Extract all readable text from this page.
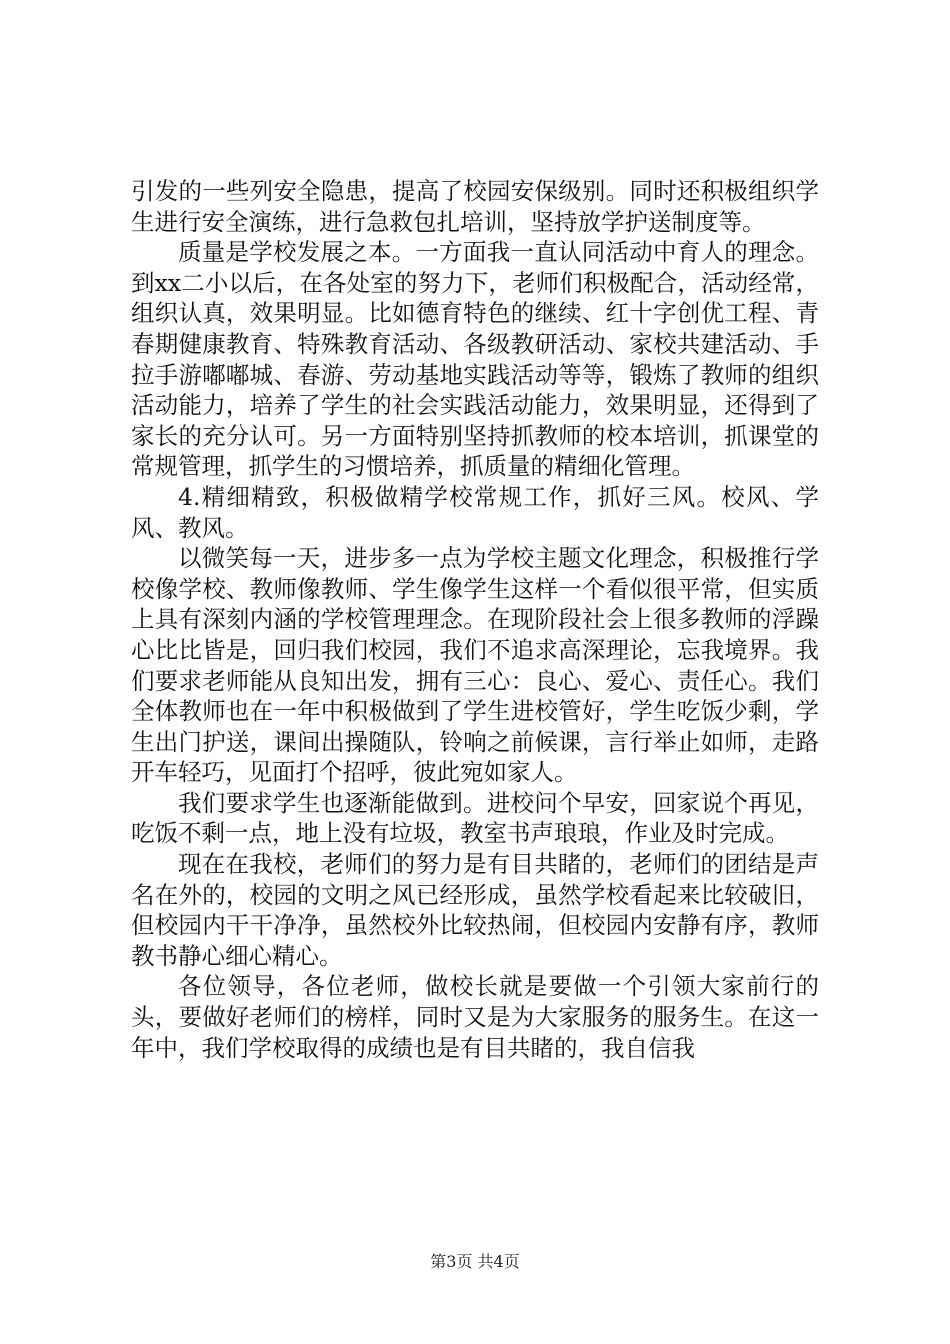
引发的一些列安全隐患，提高了校园安保级别。同时还积极组织学生进行安全演练，进行急救包扎培训，坚持放学护送制度等。

质量是学校发展之本。一方面我一直认同活动中育人的理念。到xx二小以后，在各处室的努力下，老师们积极配合，活动经常，组织认真，效果明显。比如德育特色的继续、红十字创优工程、青春期健康教育、特殊教育活动、各级教研活动、家校共建活动、手拉手游嘟嘟城、春游、劳动基地实践活动等等，锻炼了教师的组织活动能力，培养了学生的社会实践活动能力，效果明显，还得到了家长的充分认可。另一方面特别坚持抓教师的校本培训，抓课堂的常规管理，抓学生的习惯培养，抓质量的精细化管理。

4.精细精致，积极做精学校常规工作，抓好三风。校风、学风、教风。

以微笑每一天，进步多一点为学校主题文化理念，积极推行学校像学校、教师像教师、学生像学生这样一个看似很平常，但实质上具有深刻内涵的学校管理理念。在现阶段社会上很多教师的浮躁心比比皆是，回归我们校园，我们不追求高深理论，忘我境界。我们要求老师能从良知出发，拥有三心：良心、爱心、责任心。我们全体教师也在一年中积极做到了学生进校管好，学生吃饭少剩，学生出门护送，课间出操随队，铃响之前候课，言行举止如师，走路开车轻巧，见面打个招呼，彼此宛如家人。

我们要求学生也逐渐能做到。进校问个早安，回家说个再见，吃饭不剩一点，地上没有垃圾，教室书声琅琅，作业及时完成。

现在在我校，老师们的努力是有目共睹的，老师们的团结是声名在外的，校园的文明之风已经形成，虽然学校看起来比较破旧，但校园内干干净净，虽然校外比较热闹，但校园内安静有序，教师教书静心细心精心。

各位领导，各位老师，做校长就是要做一个引领大家前行的头，要做好老师们的榜样，同时又是为大家服务的服务生。在这一年中，我们学校取得的成绩也是有目共睹的，我自信我

第3页 共4页
